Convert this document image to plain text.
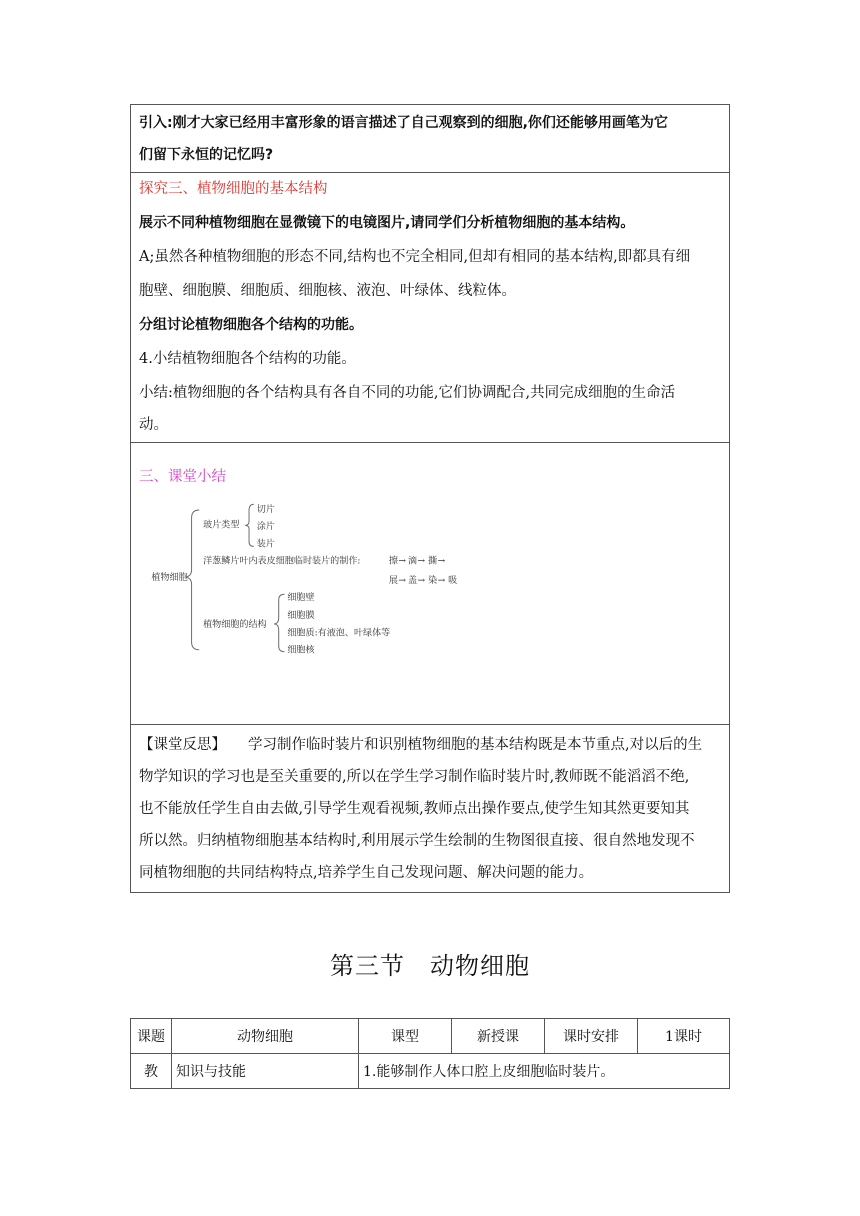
引入:刚才大家已经用丰富形象的语言描述了自己观察到的细胞,你们还能够用画笔为它
们留下永恒的记忆吗?
探究三、植物细胞的基本结构
展示不同种植物细胞在显微镜下的电镜图片,请同学们分析植物细胞的基本结构。
A;虽然各种植物细胞的形态不同,结构也不完全相同,但却有相同的基本结构,即都具有细
胞壁、细胞膜、细胞质、细胞核、液泡、叶绿体、线粒体。
分组讨论植物细胞各个结构的功能。
4.小结植物细胞各个结构的功能。
小结:植物细胞的各个结构具有各自不同的功能,它们协调配合,共同完成细胞的生命活
动。
三、课堂小结
植物细胞
玻片类型
切片
涂片
装片
洋葱鳞片叶内表皮细胞临时装片的制作:	擦 → 滴 → 撕 →
展 → 盖 → 染 → 吸
植物细胞的结构
细胞壁
细胞膜
细胞质:有液泡、叶绿体等
细胞核
【课堂反思】 学习制作临时装片和识别植物细胞的基本结构既是本节重点,对以后的生
物学知识的学习也是至关重要的,所以在学生学习制作临时装片时,教师既不能滔滔不绝,
也不能放任学生自由去做,引导学生观看视频,教师点出操作要点,使学生知其然更要知其
所以然。归纳植物细胞基本结构时,利用展示学生绘制的生物图很直接、很自然地发现不
同植物细胞的共同结构特点,培养学生自己发现问题、解决问题的能力。
第三节　动物细胞
课题	动物细胞	课型	新授课	课时安排	1课时
教	知识与技能	1.能够制作人体口腔上皮细胞临时装片。			
